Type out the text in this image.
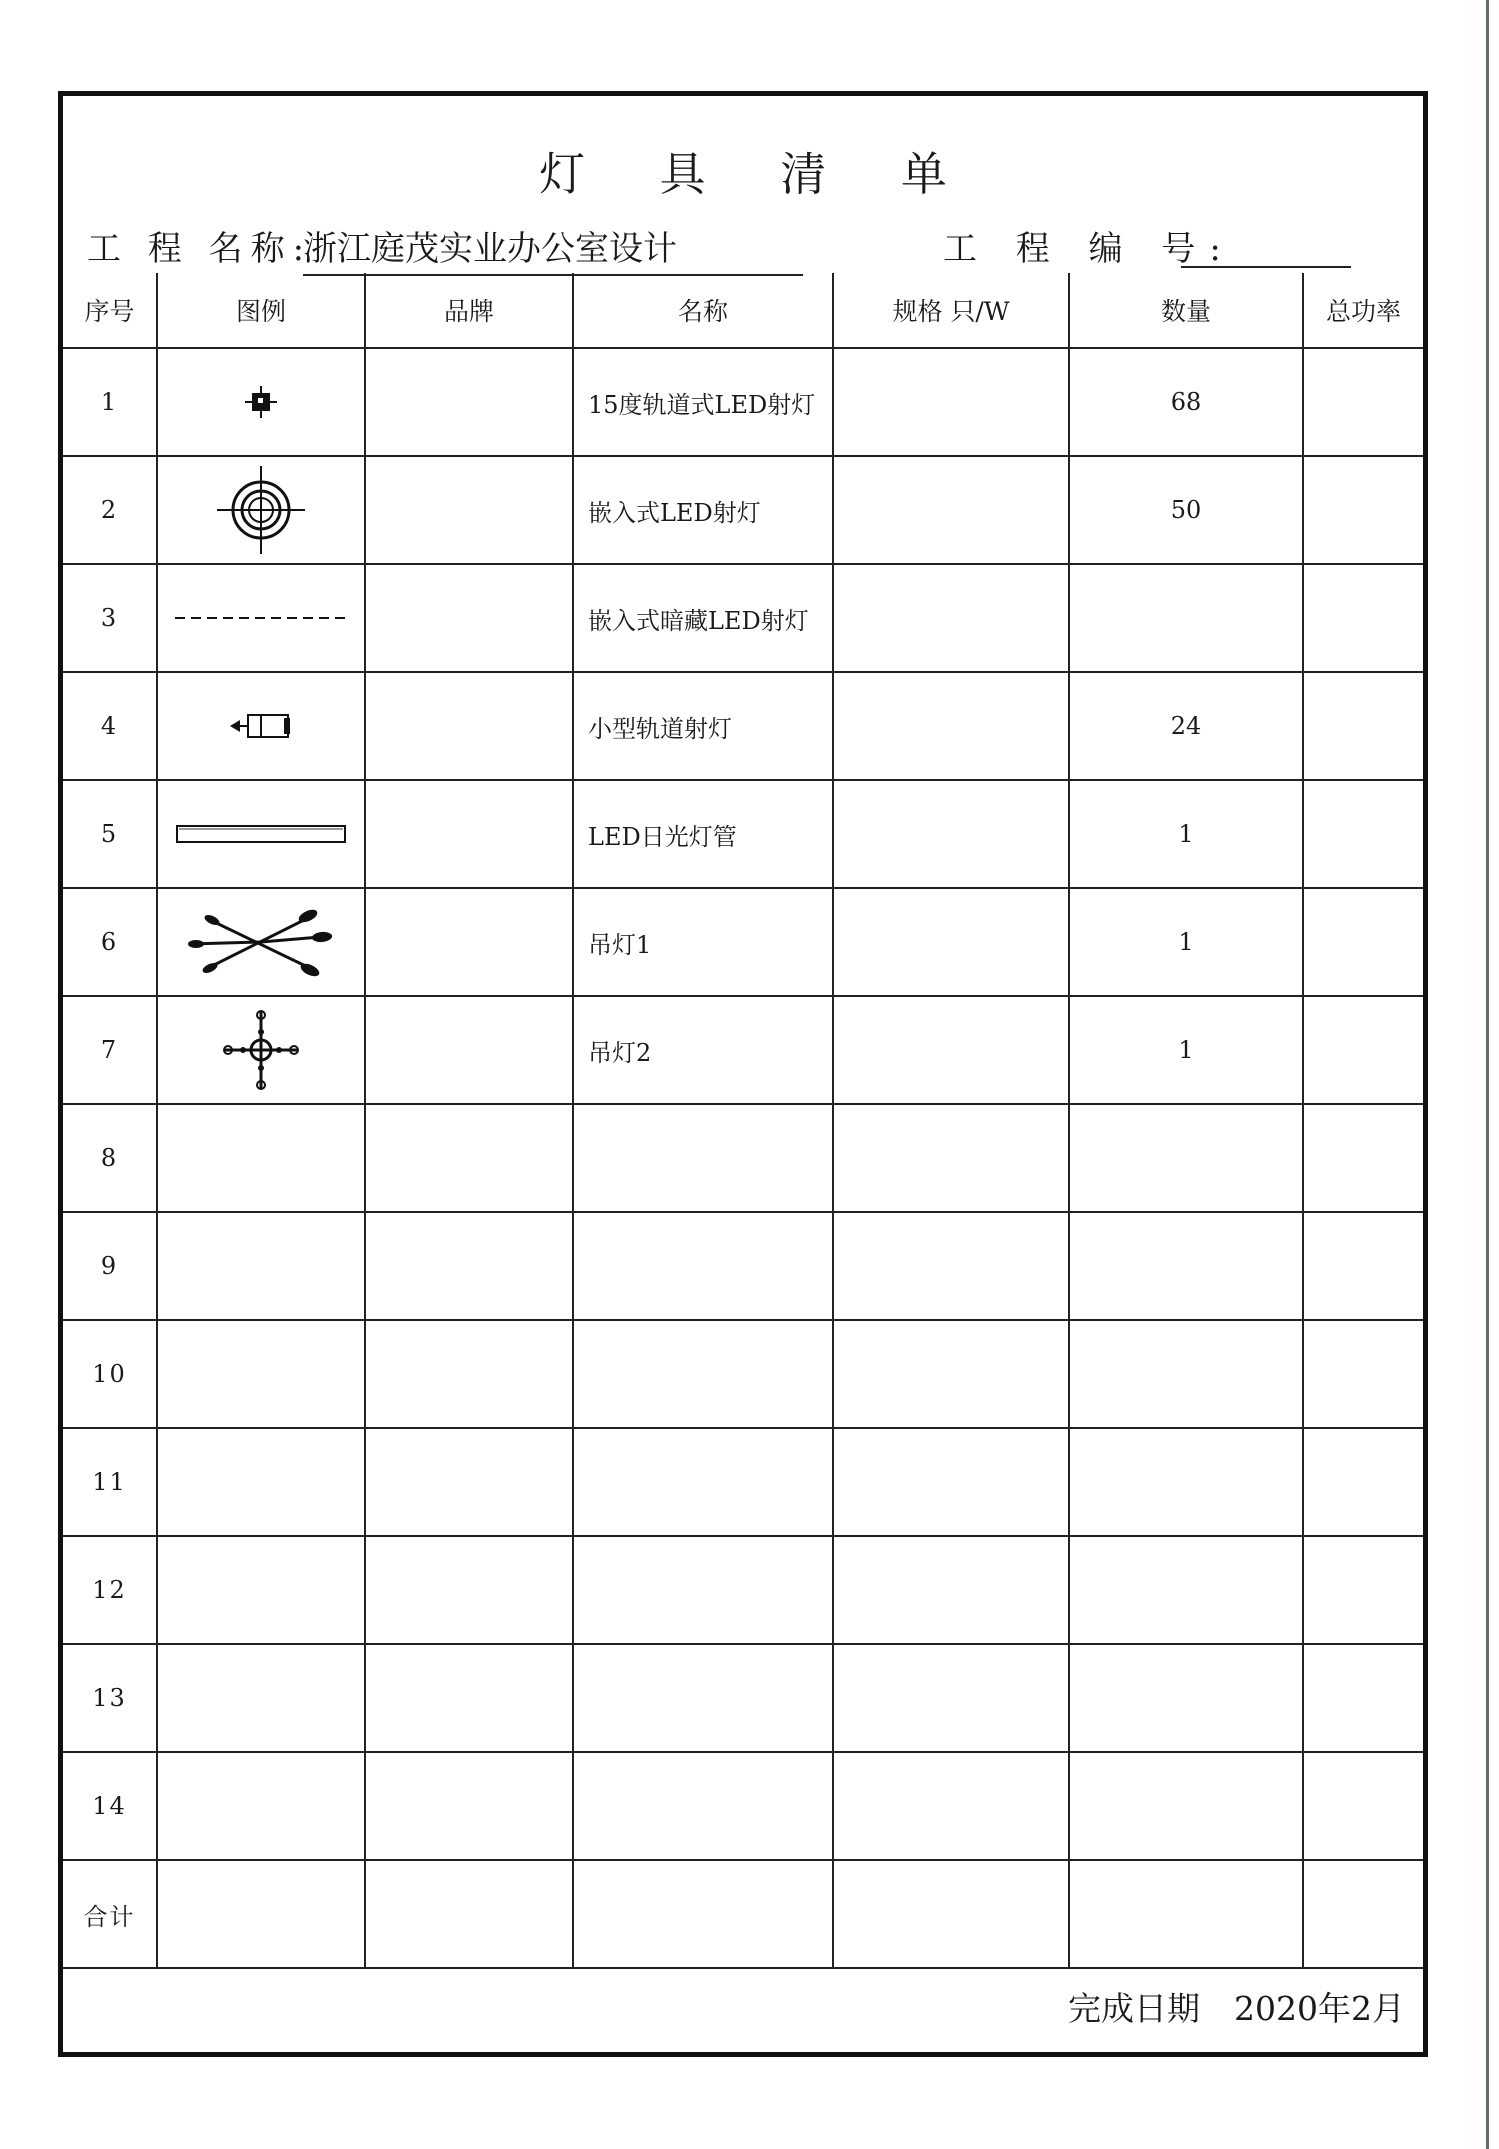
灯 具 清 单
工 程 名称:
浙江庭茂实业办公室设计	工 程 编 号:
序号	图例	品牌	名称	规格 只/W	数量	总功率
1			15度轨道式LED射灯		68	
2			嵌入式LED射灯		50	
3			嵌入式暗藏LED射灯			
4			小型轨道射灯		24	
5			LED日光灯管		1	
6			吊灯1		1	
7			吊灯2		1	
8						
9						
10						
11						
12						
13						
14						
合计						
完成日期 2020年2月
